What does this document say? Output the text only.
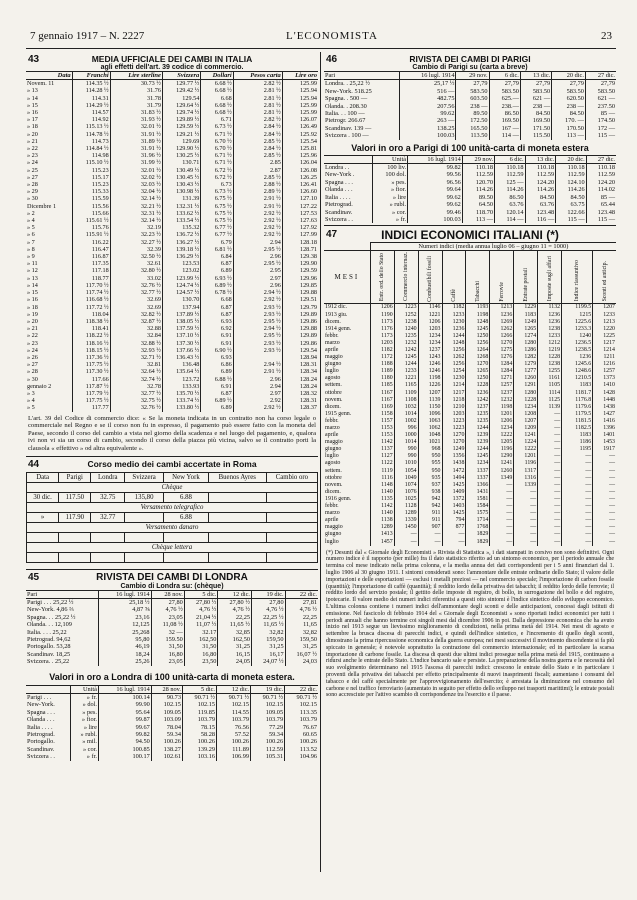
7 gennaio 1917 – N. 2227	L'ECONOMISTA	23
43	MEDIA UFFICIALE DEI CAMBI IN ITALIA
agli effetti dell'art. 39 codice di commercio.
Data	Franchi	Lire sterline	Svizzera	Dollari	Pesos carta	Lire oro
Novem. 11	114.35 ½	30.73 ½	129.77 ½	6.68 ½	2.82 ½	125.99
» 13	114.28 ½	31.76	129.42 ½	6.68 ½	2.81 ½	125.94
» 14	114.31	31.78	129.54	6.68	2.81 ½	125.94
» 15	114.29 ½	31.79	129.64 ½	6.68 ½	2.81 ½	125.99
» 16	114.57	31.83 ½	129.74 ½	6.68 ½	2.81 ½	125.99
» 17	114.92	31.93 ½	129.89 ½	6.71	2.82 ½	126.07
» 18	115.13 ½	32.01 ½	129.59 ½	6.73 ½	2.84 ½	126.49
» 20	114.78 ½	31.91 ½	129.21 ½	6.71 ½	2.84 ½	125.92
» 21	114.73	31.89 ½	129.69	6.70 ½	2.85 ½	125.54
» 22	114.84 ½	31.91 ½	129.90 ½	6.70 ½	2.84 ½	125.81
» 23	114.98	31.96 ½	130.25 ½	6.71 ½	2.85 ½	125.96
» 24	115.10 ½	31.99 ½	130.71	6.71 ½	2.85	126.04
» 25	115.23	32.01 ½	130.49 ½	6.72 ½	2.87	126.08
» 27	115.17	32.02 ½	130.45 ½	6.72 ½	2.85 ½	126.25
» 28	115.23	32.03 ½	130.43 ½	6.73	2.88 ½	126.41
» 29	115.33	32.04 ½	130.98 ½	6.73 ½	2.89 ½	126.60
» 30	115.59	32.14 ½	131.39	6.75 ½	2.91 ½	127.10
Dicembre 1	115.56	32.21 ½	132.31 ½	6.75 ½	2.91 ½	127.22
» 2	115.66	32.31 ½	133.62 ½	6.75 ½	2.92 ½	127.53
» 4	115.61 ½	32.14 ½	133.54 ½	6.75 ½	2.92 ½	127.63
» 5	115.76	32.19	135.32	6.77 ½	2.92 ½	127.92
» 6	115.91 ½	32.23 ½	136.72 ½	6.77 ½	2.92 ½	127.99
» 7	116.22	32.27 ½	136.27 ½	6.79	2.94	128.18
» 8	116.47	32.39	139.18 ½	6.81 ½	2.95 ½	128.71
» 9	116.87	32.50 ½	136.29 ½	6.84	2.96	129.38
» 11	117.35	32.61	123.53	6.87	2.95 ½	129.90
» 12	117.18	32.80 ½	123.02	6.89	2.95	129.59
» 13	118.77	33.02	123.99 ½	6.93 ½	2.97	129.96
» 14	117.70 ½	32.76 ½	124.74 ½	6.89 ½	2.96	129.85
» 15	117.74 ½	32.77 ½	124.57 ½	6.78 ½	2.94 ½	129.88
» 16	116.68 ½	32.69	130.70	6.68	2.92 ½	129.51
» 18	117.72 ½	32.69	137.94	6.87	2.93 ½	129.79
» 19	118.04	32.82 ½	137.89 ½	6.87	2.93 ½	129.89
» 20	118.38 ½	32.87 ½	138.05 ½	6.93	2.95 ½	129.86
» 21	118.41	32.88	137.59 ½	6.92	2.94 ½	129.88
» 22	118.22 ½	32.84	137.10 ½	6.91	2.95 ½	129.89
» 23	118.16 ½	32.88 ½	137.30 ½	6.91	2.93 ½	129.86
» 24	118.15 ½	32.93 ½	137.66 ½	6.90 ½	2.93 ½	129.54
» 26	117.36 ½	32.71 ½	136.43 ½	6.93		128.94
» 27	117.75 ½	32.81	136.48	6.86	2.94 ½	128.31
» 28	117.30 ½	32.64 ½	135.64 ½	6.89	2.91 ½	128.34
» 30	117.66	32.74 ½	123.72	6.88 ½	2.96	128.24
gennaio 2	117.87 ½	32.78	133.93	6.91	2.94	128.24
» 3	117.79 ½	32.77 ½	135.70 ½	6.87	2.97	128.32
» 4	117.75 ½	32.75 ½	133.74 ½	6.89 ½	2.92	128.31
» 5	117.77	32.76 ½	133.80 ½	6.89	2.92 ½	128.37
L'art. 39 del Codice di commercio dice: « Se la moneta indicata in un contratto non ha corso legale o commerciale nel Regno e se il corso non fu in espresso, il pagamento può essere fatto con la moneta del Paese, secondo il corso del cambio a vista nel giorno della scadenza e nel luogo del pagamento, e, qualora ivi non vi sia un corso di cambio, secondo il corso della piazza più vicina, salvo se il contratto porti la clausola « effettivo » od altra equivalente ».
44	Corso medio dei cambi accertate in Roma
Data	Parigi	Londra	Svizzera	New York	Buenos Ayres	Cambio oro
Chèque						
30 dic.	117.50	32.75	135,80	6.88		
Versamento telegrafico						
»	117.90	32.77		6.88		
Versamento danaro						

Chèque lettera						

45	RIVISTA DEI CAMBI DI LONDRA
Cambio di Londra su: (chèque)
Pari	16 lugl. 1914	28 nov.	5 dic.	12 dic.	19 dic.	22 dic.
Parigi . . . 25,22 ½	25,18 ½	27,80	27,80 ½	27,80 ½	27,80	27,81
New-York. 4,86 ⅔	4,87 ⅝	4,76 ½	4,76 ½	4,76 ½	4,76 ½	4,76 ½
Spagna. . . 25,22 ½	23,16	23,05	21,04 ½	22,25	22,25 ½	22,25
Olanda. . . 12,109	12,125	11,08 ½	11,07 ½	11,65 ½	11,65 ½	11,65
Italia. . . . 25,22	25,268	32 —	32.17	32,85	32,82	32,82
Pietrograd. 94,62	95,80	159.50	162,50	162,50	159,50	159,50
Portogallo. 53,28	46,19	31,50	31,50	31,25	31,25	31,25
Scandinav. 18,25	18,24	16,80	16,80	16,15	16,17	16,07 ½
Svizzera. . 25,22	25,26	23,05	23,50	24,05	24,07 ½	24,03
Valori in oro a Londra di 100 unità-carta di moneta estera.
	Unità	16 lugl. 1914	28 nov.	5 dic.	12 dic.	19 dic.	22 dic.
Parigi . . .	» fr.	100.14	90.73	90.71 ½	90.71 ½	90.71 ½	90.71 ½
New-York.	» dol.	99.90	102.15	102.15	102.15	102.15	102.15
Spagna . . .	» pes.	95.64	109.05	119.85	114.55	109.05	113.35
Olanda . . .	» fior.	99.87	103.09	103.79	103.79	103.79	103.79
Italia . . . .	» lire	99.67	78.04	78.15	76.56	77.29	76.67
Pietrograd.	» rubl.	99.82	59.34	58.28	57.52	59.34	60.65
Portogallo.	» mil.	94.50	100.26	100.26	100.26	100.26	100.26
Scandinav.	» cor.	100.85	138.27	139.29	111.89	112.59	113.52
Svizzera . .	» fr.	100.17	102.61	103.16	106.99	105.31	104.96
46	RIVISTA DEI CAMBI DI PARIGI
Cambio di Parigi su (carta a breve)
Pari	16 lugl. 1914	29 nov.	6 dic.	13 dic.	20 dic.	27 dic.
Londra. . 25,22 ½	25,17 ½	27,79	27,79	27,79	27,79	27,79
New-York. 518.25	516 —	583.50	583.50	583.50	583.50	583.50
Spagna. . 500 —	482.75	603.50	625.—	621 —	620.50	621 —
Olanda. . 208.30	207.56	238 —	238.—	238 —	238 —	237.50
Italia. . . 100 —	99.62	89.50	86.50	84.50	84.50	85 —
Pietrogr. 266.67	263 —	172.50	169.50	169.50	170. —	174.50
Scandinav. 139 —	138.25	165.50	167 —	171.50	170.50	172 —
Svizzera . 100 —	100.03	113.50	114 —	115.50	113 —	115 —
Valori in oro a Parigi di 100 unità-carta di moneta estera
	Unità	16 lugl. 1914	29 nov.	6 dic.	13 dic.	20 dic.	27 dic.
Londra . .	100 liv.	99.82	110.18	110.18	110.18	110.18	110.18
New-York .	100 dol.	99.56	112.59	112.59	112.59	112.59	112.59
Spagna . . .	» pes.	96.56	120.70	125 —	124.20	124.10	124.20
Olanda . . .	» fior.	99.64	114.26	114.26	114.26	114.26	114.02
Italia . . . .	» lire	99.62	89.50	86.50	84.50	84.50	85 —
Pietrograd.	» rubl.	99.62	64.50	63.76	63.76	63.75	65.44
Scandinav.	» cor.	99.46	118.70	120.14	123.48	122.66	123.48
Svizzera . .	» fr.	100.03	113 —	114 —	116 —	115 —	115 —
47	INDICI ECONOMICI ITALIANI (*)
	Numeri indici (media annua luglio 06 – giugno 11 = 1000)									
MESI	Entr. ord. dello Stato	Commercio internaz.	Combustibili fossili	Caffè	Tabacchi	Ferrovie	Entrate postali	Imposte sugli affari	Indice riassuntivo	Sconti ed anticip.
1912 dic.	1206	1223	1146	1182	1193	1213	1229	1132	1199.5	1207
1913 giu.	1190	1252	1221	1233	1198	1236	1183	1236	1215	1233
dicem.	1173	1238	1206	1230	1248	1269	1249	1236	1225.6	1213
1914 genn.	1176	1240	1203	1236	1245	1262	1265	1238	1233.3	1220
febbr.	1173	1235	1234	1244	1250	1266	1274	1233	1240	1225
marzo	1203	1232	1234	1248	1256	1270	1280	1212	1236.5	1217
aprile	1182	1242	1237	1256	1264	1275	1286	1219	1238.5	1214
maggio	1172	1245	1243	1262	1268	1276	1282	1228	1236	1211
giugno	1188	1244	1246	1256	1270	1284	1279	1238	1245.6	1216
luglio	1189	1233	1246	1254	1265	1284	1277	1255	1248.6	1257
agosto	1180	1221	1198	1230	1250	1271	1260	1161	1210.5	1373
settem.	1185	1165	1226	1214	1228	1257	1291	1105	1183	1410
ottobre	1167	1109	1207	1217	1236	1237	1280	1114	1181.7	1428
novem.	1167	1108	1139	1218	1242	1232	1228	1125	1176.8	1448
dicem.	1169	1032	1150	1210	1237	1198	1234	1139	1179.6	1438
1915 genn.	1158	1014	1096	1203	1235	1201	1208	—	1179.5	1427
febbr.	1157	1002	1063	1223	1235	1206	1207	—	1181.5	1416
marzo	1153	996	1062	1223	1244	1234	1209	—	1182.5	1396
aprile	1153	1000	1048	1270	1239	1222	1241	—	1183	1401
maggio	1142	1014	1021	1270	1239	1205	1224	—	1186	1453
giugno	1137	990	968	1249	1244	1196	1222	—	1195	1917
luglio	1127	990	950	1356	1245	1290	1201	—	—	—
agosto	1122	1010	955	1438	1234	1241	1196	—	—	—
settem.	1119	1054	950	1472	1337	1260	1317	—	—	—
ottobre	1116	1049	935	1494	1337	1349	1316	—	—	—
novem.	1148	1074	937	1425	1366	—	1339	—	—	—
dicem.	1140	1076	938	1409	1431	—	—	—	—	—
1916 genn.	1135	1025	942	1372	1581	—	—	—	—	—
febbr.	1142	1128	942	1403	1584	—	—	—	—	—
marzo	1140	1289	911	1425	1575	—	—	—	—	—
aprile	1138	1339	911	794	1714	—	—	—	—	—
maggio	1289	1450	907	877	1768	—	—	—	—	—
giugno	1413	—	—	—	1829	—	—	—	—	—
luglio	1457	—	—	—	1829	—	—	—	—	—
(*) Desunti dal « Giornale degli Economisti » Rivista di Statistica », i dati stampati in corsivo non sono definitivi. Ogni numero indice è il rapporto (per mille) fra il dato statistico riferito ad un sintomo economico, per il periodo annuale che termina col mese indicato nella prima colonna, e la media annua dei dati corrispondenti per i 5 anni finanziari dal 1. luglio 1906 al 30 giugno 1911. I sintomi considerati sono: l'ammontare delle entrate ordinarie dello Stato; il valore delle importazioni e delle esportazioni — esclusi i metalli preziosi — nel commercio speciale; l'importazione di carbon fossile (quantità); l'importazione di caffè (quantità); il reddito lordo della privativa dei tabacchi; il reddito lordo delle ferrovie; il reddito lordo del servizio postale; il gettito delle imposte di registro, di bollo, in surrogazione del bollo e del registro, ipotecarie. Il valore medio dei numeri indici riferentisi a questi otto sintomi è l'indice sintetico dello sviluppo economico. L'ultima colonna contiene i numeri indici dell'ammontare degli sconti e delle anticipazioni, concessi dagli istituti di emissione. Nel fascicolo di febbraio 1914 del « Giornale degli Economisti » sono riportati indici economici per tutti i periodi annuali che hanno termine coi singoli mesi dal dicembre 1906 in poi. Dalla depressione economica che ha avuto inizio nel 1913 segue un lievissimo miglioramento di condizioni, nella prima metà del 1914. Nei mesi di agosto e settembre la brusca discesa di parecchi indici, e quindi dell'indice sintetico, e l'incremento di quello degli sconti, dimostrano la prima ripercussione economica della guerra europea; nei mesi successivi il movimento discendente si fa più spiccato in generale; è notevole soprattutto la contrazione del commercio internazionale; ed in particolare la scarsa importazione di carbone fossile. La discesa di questi due ultimi indici prosegue nella prima metà del 1915, continuano a ridursi anche le entrate dello Stato. L'indice bancario sale e persiste. La preparazione della nostra guerra e le necessità del suo svolgimento determinano nel 1915 l'ascesa di parecchi indici: crescono le entrate dello Stato e in particolare i proventi della privativa dei tabacchi per effetto principalmente di nuovi inasprimenti fiscali; aumentano i consumi del tabacco e del caffè specialmente per l'approvvigionamento dell'esercito; è arrestata la diminuzione nel consumo del carbone e nel traffico ferroviario (aumentato in seguito per effetto dello sviluppo nei trasporti marittimi); le entrate postali sono accresciute per l'attivo scambio di corrispondenze tra l'esercito e il paese.
